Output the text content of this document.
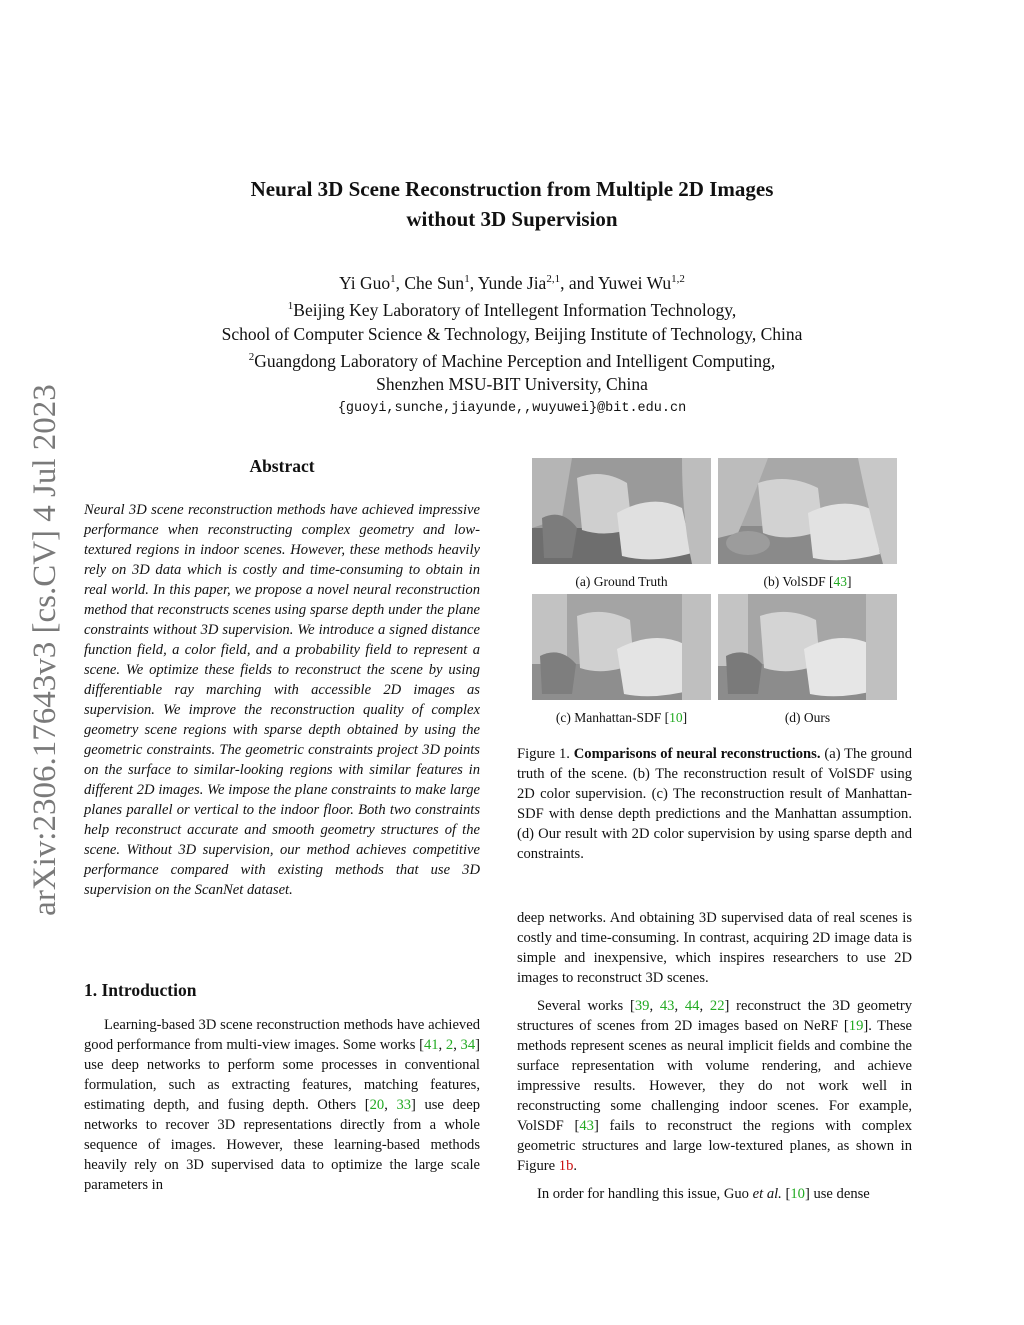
arXiv:2306.17643v3 [cs.CV] 4 Jul 2023
Neural 3D Scene Reconstruction from Multiple 2D Images
without 3D Supervision
Yi Guo$^1$, Che Sun$^1$, Yunde Jia$^{2,1}$, and Yuwei Wu$^{1,2}$
$^1$Beijing Key Laboratory of Intellegent Information Technology,
School of Computer Science & Technology, Beijing Institute of Technology, China
$^2$Guangdong Laboratory of Machine Perception and Intelligent Computing,
Shenzhen MSU-BIT University, China
{guoyi,sunche,jiayunde,,wuyuwei}@bit.edu.cn
Abstract
Neural 3D scene reconstruction methods have achieved impressive performance when reconstructing complex geometry and low-textured regions in indoor scenes. However, these methods heavily rely on 3D data which is costly and time-consuming to obtain in real world. In this paper, we propose a novel neural reconstruction method that reconstructs scenes using sparse depth under the plane constraints without 3D supervision. We introduce a signed distance function field, a color field, and a probability field to represent a scene. We optimize these fields to reconstruct the scene by using differentiable ray marching with accessible 2D images as supervision. We improve the reconstruction quality of complex geometry scene regions with sparse depth obtained by using the geometric constraints. The geometric constraints project 3D points on the surface to similar-looking regions with similar features in different 2D images. We impose the plane constraints to make large planes parallel or vertical to the indoor floor. Both two constraints help reconstruct accurate and smooth geometry structures of the scene. Without 3D supervision, our method achieves competitive performance compared with existing methods that use 3D supervision on the ScanNet dataset.
1. Introduction

Learning-based 3D scene reconstruction methods have achieved good performance from multi-view images. Some works [41, 2, 34] use deep networks to perform some processes in conventional formulation, such as extracting features, matching features, estimating depth, and fusing depth. Others [20, 33] use deep networks to recover 3D representations directly from a whole sequence of images. However, these learning-based methods heavily rely on 3D supervised data to optimize the large scale parameters in

(a) Ground Truth	(b) VolSDF [43]
(c) Manhattan-SDF [10]	(d) Ours
Figure 1. Comparisons of neural reconstructions. (a) The ground truth of the scene. (b) The reconstruction result of VolSDF using 2D color supervision. (c) The reconstruction result of Manhattan-SDF with dense depth predictions and the Manhattan assumption. (d) Our result with 2D color supervision by using sparse depth and constraints.

deep networks. And obtaining 3D supervised data of real scenes is costly and time-consuming. In contrast, acquiring 2D image data is simple and inexpensive, which inspires researchers to use 2D images to reconstruct 3D scenes.

Several works [39, 43, 44, 22] reconstruct the 3D geometry structures of scenes from 2D images based on NeRF [19]. These methods represent scenes as neural implicit fields and combine the surface representation with volume rendering, and achieve impressive results. However, they do not work well in reconstructing some challenging indoor scenes. For example, VolSDF [43] fails to reconstruct the regions with complex geometric structures and large low-textured planes, as shown in Figure 1b.

In order for handling this issue, Guo et al. [10] use dense
